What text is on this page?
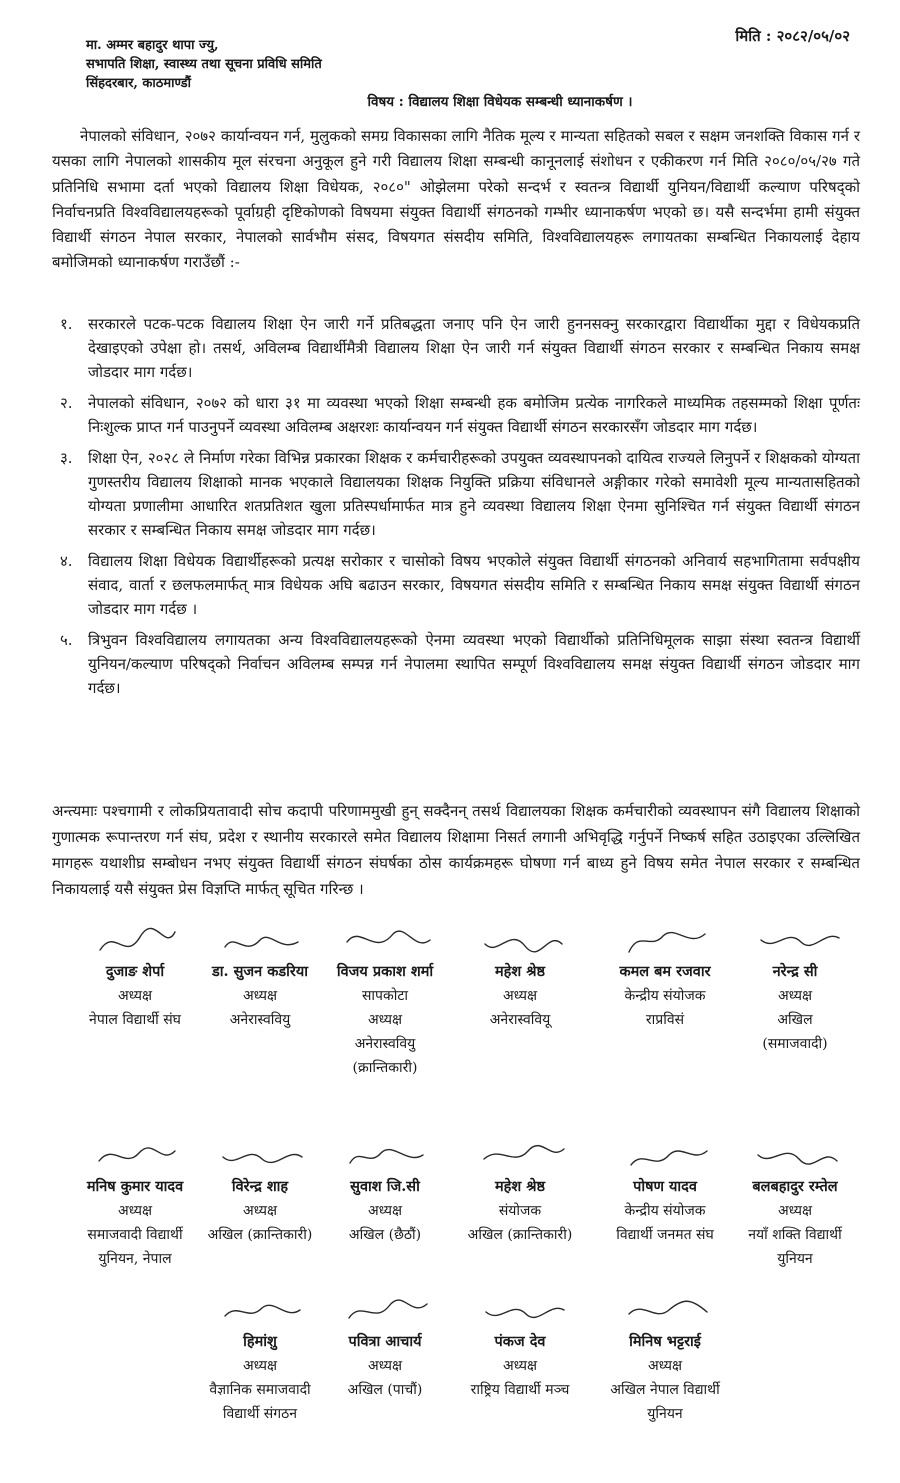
मिति : २०८२/०५/०२
मा. अम्मर बहादुर थापा ज्यु,
सभापति शिक्षा, स्वास्थ्य तथा सूचना प्रविधि समिति
सिंहदरबार, काठमाण्डौं
विषय : विद्यालय शिक्षा विधेयक सम्बन्धी ध्यानाकर्षण ।
नेपालको संविधान, २०७२ कार्यान्वयन गर्न, मुलुकको समग्र विकासका लागि नैतिक मूल्य र मान्यता सहितको सबल र सक्षम जनशक्ति विकास गर्न र यसका लागि नेपालको शासकीय मूल संरचना अनुकूल हुने गरी विद्यालय शिक्षा सम्बन्धी कानूनलाई संशोधन र एकीकरण गर्न मिति २०८०/०५/२७ गते प्रतिनिधि सभामा दर्ता भएको विद्यालय शिक्षा विधेयक, २०८०" ओझेलमा परेको सन्दर्भ र स्वतन्त्र विद्यार्थी युनियन/विद्यार्थी कल्याण परिषद्को निर्वाचनप्रति विश्वविद्यालयहरूको पूर्वाग्रही दृष्टिकोणको विषयमा संयुक्त विद्यार्थी संगठनको गम्भीर ध्यानाकर्षण भएको छ। यसै सन्दर्भमा हामी संयुक्त विद्यार्थी संगठन नेपाल सरकार, नेपालको सार्वभौम संसद, विषयगत संसदीय समिति, विश्वविद्यालयहरू लगायतका सम्बन्धित निकायलाई देहाय बमोजिमको ध्यानाकर्षण गराउँछौं :-
१.	सरकारले पटक-पटक विद्यालय शिक्षा ऐन जारी गर्ने प्रतिबद्धता जनाए पनि ऐन जारी हुननसक्नु सरकारद्वारा विद्यार्थीका मुद्दा र विधेयकप्रति देखाइएको उपेक्षा हो। तसर्थ, अविलम्ब विद्यार्थीमैत्री विद्यालय शिक्षा ऐन जारी गर्न संयुक्त विद्यार्थी संगठन सरकार र सम्बन्धित निकाय समक्ष जोडदार माग गर्दछ।
२.	नेपालको संविधान, २०७२ को धारा ३१ मा व्यवस्था भएको शिक्षा सम्बन्धी हक बमोजिम प्रत्येक नागरिकले माध्यमिक तहसम्मको शिक्षा पूर्णतः निःशुल्क प्राप्त गर्न पाउनुपर्ने व्यवस्था अविलम्ब अक्षरशः कार्यान्वयन गर्न संयुक्त विद्यार्थी संगठन सरकारसँग जोडदार माग गर्दछ।
३.	शिक्षा ऐन, २०२८ ले निर्माण गरेका विभिन्न प्रकारका शिक्षक र कर्मचारीहरूको उपयुक्त व्यवस्थापनको दायित्व राज्यले लिनुपर्ने र शिक्षकको योग्यता गुणस्तरीय विद्यालय शिक्षाको मानक भएकाले विद्यालयका शिक्षक नियुक्ति प्रक्रिया संविधानले अङ्गीकार गरेको समावेशी मूल्य मान्यतासहितको योग्यता प्रणालीमा आधारित शतप्रतिशत खुला प्रतिस्पर्धामार्फत मात्र हुने व्यवस्था विद्यालय शिक्षा ऐनमा सुनिश्चित गर्न संयुक्त विद्यार्थी संगठन सरकार र सम्बन्धित निकाय समक्ष जोडदार माग गर्दछ।
४.	विद्यालय शिक्षा विधेयक विद्यार्थीहरूको प्रत्यक्ष सरोकार र चासोको विषय भएकोले संयुक्त विद्यार्थी संगठनको अनिवार्य सहभागितामा सर्वपक्षीय संवाद, वार्ता र छलफलमार्फत् मात्र विधेयक अघि बढाउन सरकार, विषयगत संसदीय समिति र सम्बन्धित निकाय समक्ष संयुक्त विद्यार्थी संगठन जोडदार माग गर्दछ ।
५.	त्रिभुवन विश्वविद्यालय लगायतका अन्य विश्वविद्यालयहरूको ऐनमा व्यवस्था भएको विद्यार्थीको प्रतिनिधिमूलक साझा संस्था स्वतन्त्र विद्यार्थी युनियन/कल्याण परिषद्को निर्वाचन अविलम्ब सम्पन्न गर्न नेपालमा स्थापित सम्पूर्ण विश्वविद्यालय समक्ष संयुक्त विद्यार्थी संगठन जोडदार माग गर्दछ।
अन्त्यमाः पश्चगामी र लोकप्रियतावादी सोच कदापी परिणाममुखी हुन् सक्दैनन् तसर्थ विद्यालयका शिक्षक कर्मचारीको व्यवस्थापन संगै विद्यालय शिक्षाको गुणात्मक रूपान्तरण गर्न संघ, प्रदेश र स्थानीय सरकारले समेत विद्यालय शिक्षामा निसर्त लगानी अभिवृद्धि गर्नुपर्ने निष्कर्ष सहित उठाइएका उल्लिखित मागहरू यथाशीघ्र सम्बोधन नभए संयुक्त विद्यार्थी संगठन संघर्षका ठोस कार्यक्रमहरू घोषणा गर्न बाध्य हुने विषय समेत नेपाल सरकार र सम्बन्धित निकायलाई यसै संयुक्त प्रेस विज्ञप्ति मार्फत् सूचित गरिन्छ ।
दुजाङ शेर्पा
अध्यक्ष
नेपाल विद्यार्थी संघ
डा. सुजन कडरिया
अध्यक्ष
अनेरास्ववियु
विजय प्रकाश शर्मा
सापकोटा
अध्यक्ष
अनेरास्ववियु
(क्रान्तिकारी)
महेश श्रेष्ठ
अध्यक्ष
अनेरास्ववियू
कमल बम रजवार
केन्द्रीय संयोजक
राप्रविसं
नरेन्द्र सी
अध्यक्ष
अखिल
(समाजवादी)
मनिष कुमार यादव
अध्यक्ष
समाजवादी विद्यार्थी
युनियन, नेपाल
विरेन्द्र शाह
अध्यक्ष
अखिल (क्रान्तिकारी)
सुवाश जि.सी
अध्यक्ष
अखिल (छैठौं)
महेश श्रेष्ठ
संयोजक
अखिल (क्रान्तिकारी)
पोषण यादव
केन्द्रीय संयोजक
विद्यार्थी जनमत संघ
बलबहादुर रम्तेल
अध्यक्ष
नयाँ शक्ति विद्यार्थी
युनियन
हिमांशु
अध्यक्ष
वैज्ञानिक समाजवादी
विद्यार्थी संगठन
पवित्रा आचार्य
अध्यक्ष
अखिल (पाचौं)
पंकज देव
अध्यक्ष
राष्ट्रिय विद्यार्थी मञ्च
मिनिष भट्टराई
अध्यक्ष
अखिल नेपाल विद्यार्थी
युनियन
